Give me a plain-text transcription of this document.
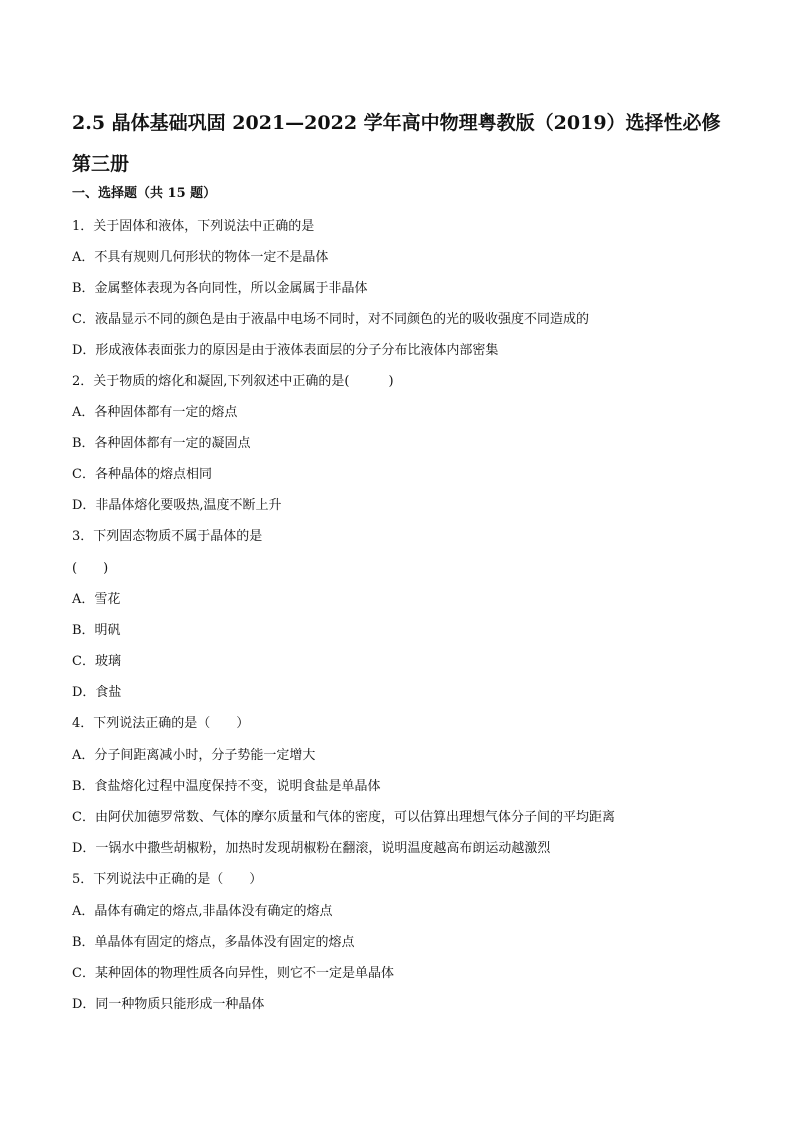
2.5 晶体基础巩固 2021—2022 学年高中物理粤教版（2019）选择性必修第三册
一、选择题（共 15 题）
1．关于固体和液体，下列说法中正确的是
A．不具有规则几何形状的物体一定不是晶体
B．金属整体表现为各向同性，所以金属属于非晶体
C．液晶显示不同的颜色是由于液晶中电场不同时，对不同颜色的光的吸收强度不同造成的
D．形成液体表面张力的原因是由于液体表面层的分子分布比液体内部密集
2．关于物质的熔化和凝固,下列叙述中正确的是(　　　)
A．各种固体都有一定的熔点
B．各种固体都有一定的凝固点
C．各种晶体的熔点相同
D．非晶体熔化要吸热,温度不断上升
3．下列固态物质不属于晶体的是
(　　)
A．雪花
B．明矾
C．玻璃
D．食盐
4．下列说法正确的是（　　）
A．分子间距离减小时，分子势能一定增大
B．食盐熔化过程中温度保持不变，说明食盐是单晶体
C．由阿伏加德罗常数、气体的摩尔质量和气体的密度，可以估算出理想气体分子间的平均距离
D．一锅水中撒些胡椒粉，加热时发现胡椒粉在翻滚，说明温度越高布朗运动越激烈
5．下列说法中正确的是（　　）
A．晶体有确定的熔点,非晶体没有确定的熔点
B．单晶体有固定的熔点，多晶体没有固定的熔点
C．某种固体的物理性质各向异性，则它不一定是单晶体
D．同一种物质只能形成一种晶体
